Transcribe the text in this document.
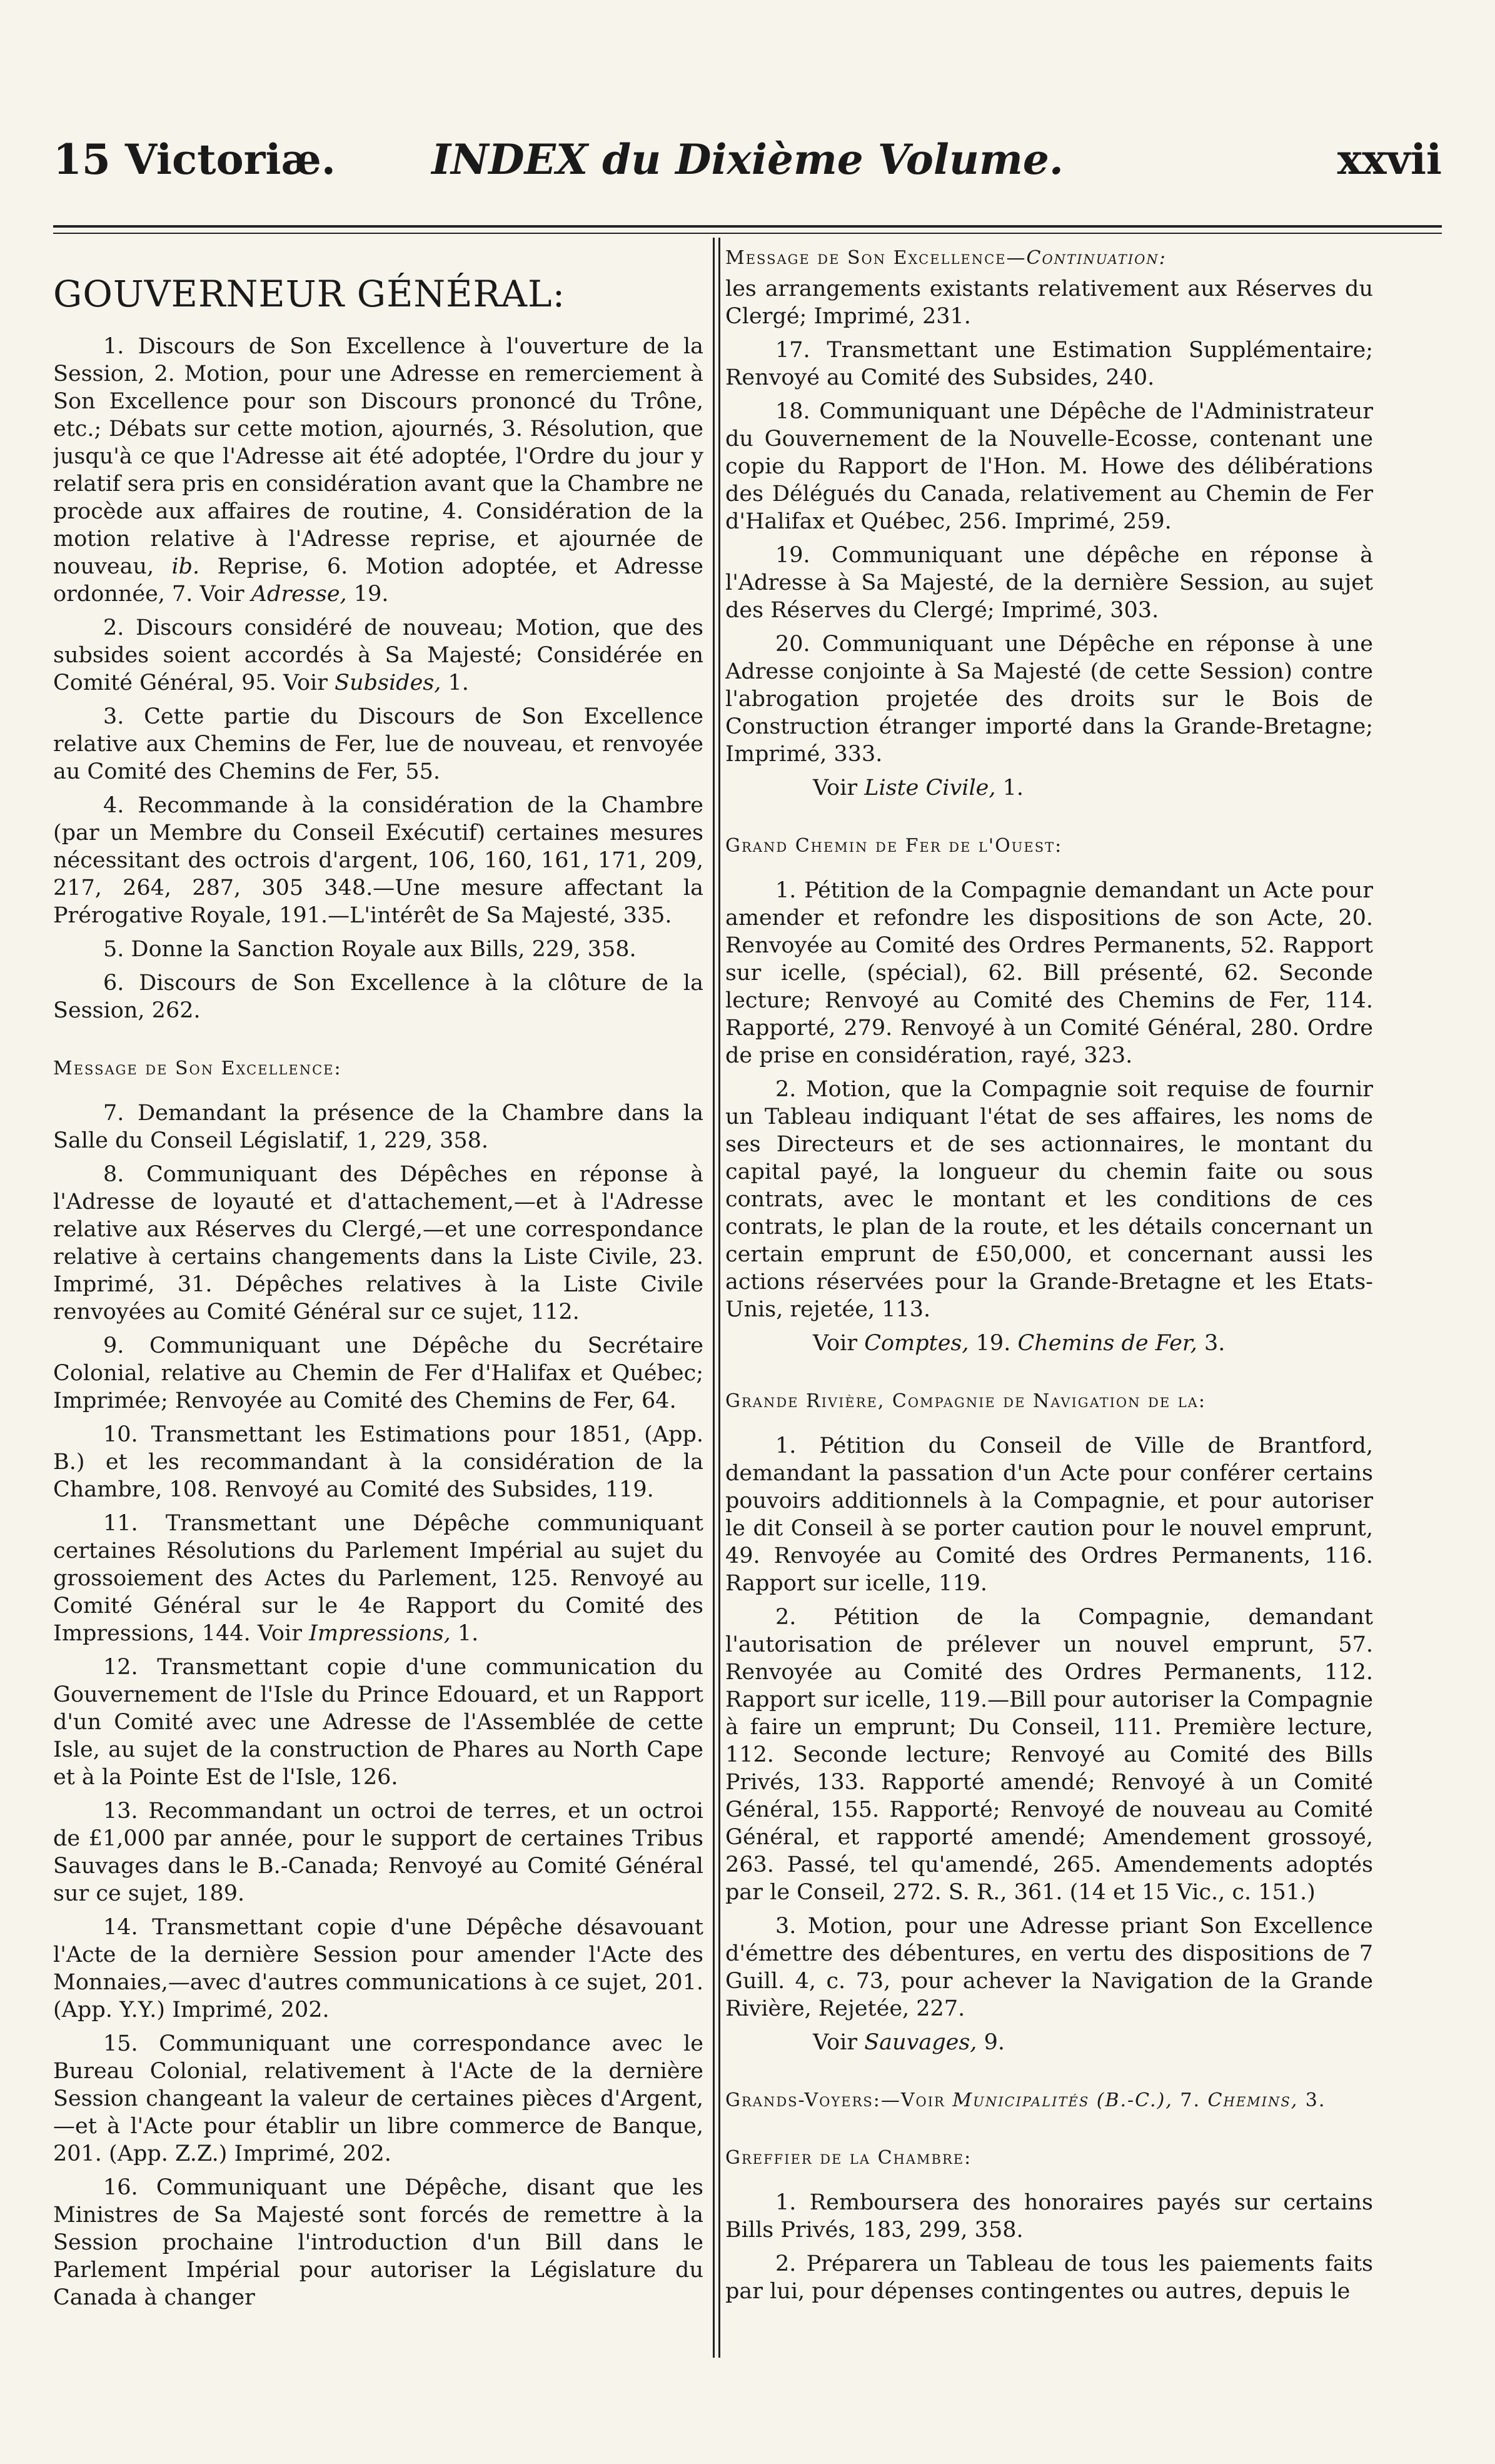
15 Victoriæ.	INDEX du Dixième Volume.	xxvii
GOUVERNEUR GÉNÉRAL:

1. Discours de Son Excellence à l'ouverture de la Session, 2. Motion, pour une Adresse en remerciement à Son Excellence pour son Discours prononcé du Trône, etc.; Débats sur cette motion, ajournés, 3. Résolution, que jusqu'à ce que l'Adresse ait été adoptée, l'Ordre du jour y relatif sera pris en considération avant que la Chambre ne procède aux affaires de routine, 4. Considération de la motion relative à l'Adresse reprise, et ajournée de nouveau, ib. Reprise, 6. Motion adoptée, et Adresse ordonnée, 7. Voir Adresse, 19.

2. Discours considéré de nouveau; Motion, que des subsides soient accordés à Sa Majesté; Considérée en Comité Général, 95. Voir Subsides, 1.

3. Cette partie du Discours de Son Excellence relative aux Chemins de Fer, lue de nouveau, et renvoyée au Comité des Chemins de Fer, 55.

4. Recommande à la considération de la Chambre (par un Membre du Conseil Exécutif) certaines mesures nécessitant des octrois d'argent, 106, 160, 161, 171, 209, 217, 264, 287, 305 348.—Une mesure affectant la Prérogative Royale, 191.—L'intérêt de Sa Majesté, 335.

5. Donne la Sanction Royale aux Bills, 229, 358.

6. Discours de Son Excellence à la clôture de la Session, 262.

Message de Son Excellence:

7. Demandant la présence de la Chambre dans la Salle du Conseil Législatif, 1, 229, 358.

8. Communiquant des Dépêches en réponse à l'Adresse de loyauté et d'attachement,—et à l'Adresse relative aux Réserves du Clergé,—et une correspondance relative à certains changements dans la Liste Civile, 23. Imprimé, 31. Dépêches relatives à la Liste Civile renvoyées au Comité Général sur ce sujet, 112.

9. Communiquant une Dépêche du Secrétaire Colonial, relative au Chemin de Fer d'Halifax et Québec; Imprimée; Renvoyée au Comité des Chemins de Fer, 64.

10. Transmettant les Estimations pour 1851, (App. B.) et les recommandant à la considération de la Chambre, 108. Renvoyé au Comité des Subsides, 119.

11. Transmettant une Dépêche communiquant certaines Résolutions du Parlement Impérial au sujet du grossoiement des Actes du Parlement, 125. Renvoyé au Comité Général sur le 4e Rapport du Comité des Impressions, 144. Voir Impressions, 1.

12. Transmettant copie d'une communication du Gouvernement de l'Isle du Prince Edouard, et un Rapport d'un Comité avec une Adresse de l'Assemblée de cette Isle, au sujet de la construction de Phares au North Cape et à la Pointe Est de l'Isle, 126.

13. Recommandant un octroi de terres, et un octroi de £1,000 par année, pour le support de certaines Tribus Sauvages dans le B.-Canada; Renvoyé au Comité Général sur ce sujet, 189.

14. Transmettant copie d'une Dépêche désavouant l'Acte de la dernière Session pour amender l'Acte des Monnaies,—avec d'autres communications à ce sujet, 201. (App. Y.Y.) Imprimé, 202.

15. Communiquant une correspondance avec le Bureau Colonial, relativement à l'Acte de la dernière Session changeant la valeur de certaines pièces d'Argent,—et à l'Acte pour établir un libre commerce de Banque, 201. (App. Z.Z.) Imprimé, 202.

16. Communiquant une Dépêche, disant que les Ministres de Sa Majesté sont forcés de remettre à la Session prochaine l'introduction d'un Bill dans le Parlement Impérial pour autoriser la Législature du Canada à changer

Message de Son Excellence—Continuation:

les arrangements existants relativement aux Réserves du Clergé; Imprimé, 231.

17. Transmettant une Estimation Supplémentaire; Renvoyé au Comité des Subsides, 240.

18. Communiquant une Dépêche de l'Administrateur du Gouvernement de la Nouvelle-Ecosse, contenant une copie du Rapport de l'Hon. M. Howe des délibérations des Délégués du Canada, relativement au Chemin de Fer d'Halifax et Québec, 256. Imprimé, 259.

19. Communiquant une dépêche en réponse à l'Adresse à Sa Majesté, de la dernière Session, au sujet des Réserves du Clergé; Imprimé, 303.

20. Communiquant une Dépêche en réponse à une Adresse conjointe à Sa Majesté (de cette Session) contre l'abrogation projetée des droits sur le Bois de Construction étranger importé dans la Grande-Bretagne; Imprimé, 333.

Voir Liste Civile, 1.

Grand Chemin de Fer de l'Ouest:

1. Pétition de la Compagnie demandant un Acte pour amender et refondre les dispositions de son Acte, 20. Renvoyée au Comité des Ordres Permanents, 52. Rapport sur icelle, (spécial), 62. Bill présenté, 62. Seconde lecture; Renvoyé au Comité des Chemins de Fer, 114. Rapporté, 279. Renvoyé à un Comité Général, 280. Ordre de prise en considération, rayé, 323.

2. Motion, que la Compagnie soit requise de fournir un Tableau indiquant l'état de ses affaires, les noms de ses Directeurs et de ses actionnaires, le montant du capital payé, la longueur du chemin faite ou sous contrats, avec le montant et les conditions de ces contrats, le plan de la route, et les détails concernant un certain emprunt de £50,000, et concernant aussi les actions réservées pour la Grande-Bretagne et les Etats-Unis, rejetée, 113.

Voir Comptes, 19. Chemins de Fer, 3.

Grande Rivière, Compagnie de Navigation de la:

1. Pétition du Conseil de Ville de Brantford, demandant la passation d'un Acte pour conférer certains pouvoirs additionnels à la Compagnie, et pour autoriser le dit Conseil à se porter caution pour le nouvel emprunt, 49. Renvoyée au Comité des Ordres Permanents, 116. Rapport sur icelle, 119.

2. Pétition de la Compagnie, demandant l'autorisation de prélever un nouvel emprunt, 57. Renvoyée au Comité des Ordres Permanents, 112. Rapport sur icelle, 119.—Bill pour autoriser la Compagnie à faire un emprunt; Du Conseil, 111. Première lecture, 112. Seconde lecture; Renvoyé au Comité des Bills Privés, 133. Rapporté amendé; Renvoyé à un Comité Général, 155. Rapporté; Renvoyé de nouveau au Comité Général, et rapporté amendé; Amendement grossoyé, 263. Passé, tel qu'amendé, 265. Amendements adoptés par le Conseil, 272. S. R., 361. (14 et 15 Vic., c. 151.)

3. Motion, pour une Adresse priant Son Excellence d'émettre des débentures, en vertu des dispositions de 7 Guill. 4, c. 73, pour achever la Navigation de la Grande Rivière, Rejetée, 227.

Voir Sauvages, 9.

Grands-Voyers:—Voir Municipalités (B.-C.), 7. Chemins, 3.
Greffier de la Chambre:

1. Remboursera des honoraires payés sur certains Bills Privés, 183, 299, 358.

2. Préparera un Tableau de tous les paiements faits par lui, pour dépenses contingentes ou autres, depuis le
